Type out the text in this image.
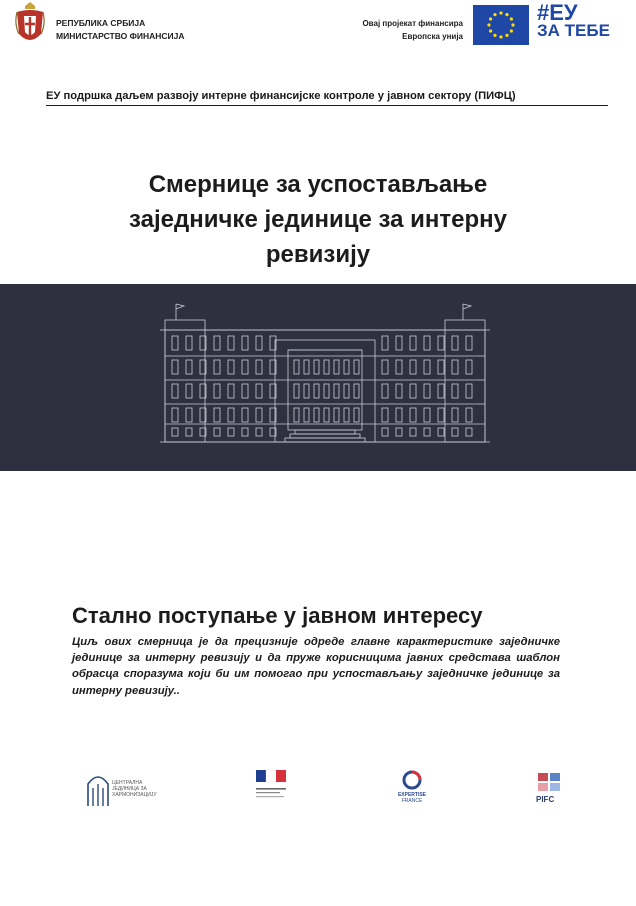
РЕПУБЛИКА СРБИЈА
МИНИСТАРСТВО ФИНАНСИЈА
Овај пројекат финансира
Европска унија
#ЕУ
ЗА ТЕБЕ
ЕУ подршка даљем развоју интерне финансијске контроле у јавном сектору (ПИФЦ)
Смернице за успостављање
заједничке јединице за интерну
ревизију
Стално поступање у јавном интересу
Циљ ових смерница је да прецизније одреде главне карактеристике заједничке јединице за интерну ревизију и да пруже корисницима јавних средстава шаблон обрасца споразума који би им помогао при успостављању заједничке јединице за интерну ревизију..
ЦЕНТРАЛНА
ЈЕДИНИЦА ЗА
ХАРМОНИЗАЦИЈУ	EXPERTISE
FRANCE	PIFC
